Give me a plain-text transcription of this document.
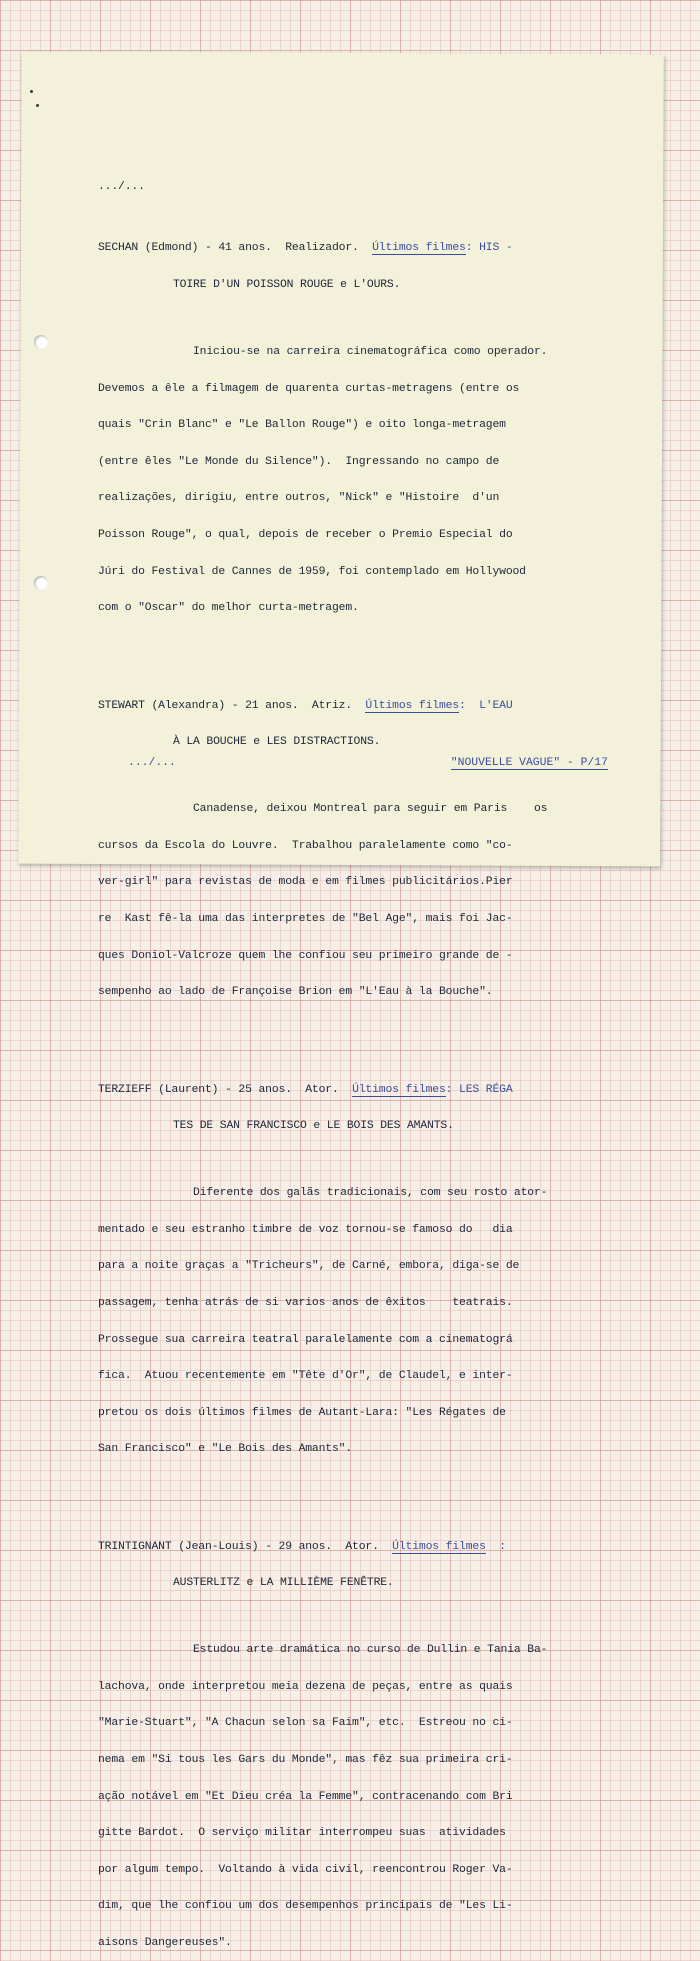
.../...

SECHAN (Edmond) - 41 anos.  Realizador.  Últimos filmes: HIS -

TOIRE D'UN POISSON ROUGE e L'OURS.

Iniciou-se na carreira cinematográfica como operador.

Devemos a êle a filmagem de quarenta curtas-metragens (entre os

quais "Crin Blanc" e "Le Ballon Rouge") e oito longa-metragem

(entre êles "Le Monde du Silence").  Ingressando no campo de

realizações, dirigiu, entre outros, "Nick" e "Histoire  d'un

Poisson Rouge", o qual, depois de receber o Premio Especial do

Júri do Festival de Cannes de 1959, foi contemplado em Hollywood

com o "Oscar" do melhor curta-metragem.

STEWART (Alexandra) - 21 anos.  Atriz.  Últimos filmes:  L'EAU

À LA BOUCHE e LES DISTRACTIONS.

Canadense, deixou Montreal para seguir em Paris    os

cursos da Escola do Louvre.  Trabalhou paralelamente como "co-

ver-girl" para revistas de moda e em filmes publicitários.Pier

re  Kast fê-la uma das interpretes de "Bel Age", mais foi Jac-

ques Doniol-Valcroze quem lhe confiou seu primeiro grande de -

sempenho ao lado de Françoise Brion em "L'Eau à la Bouche".

TERZIEFF (Laurent) - 25 anos.  Ator.  Últimos filmes: LES RÉGA

TES DE SAN FRANCISCO e LE BOIS DES AMANTS.

Diferente dos galãs tradicionais, com seu rosto ator-

mentado e seu estranho timbre de voz tornou-se famoso do   dia

para a noite graças a "Tricheurs", de Carné, embora, diga-se de

passagem, tenha atrás de si varios anos de êxitos    teatrais.

Prossegue sua carreira teatral paralelamente com a cinematográ

fica.  Atuou recentemente em "Tête d'Or", de Claudel, e inter-

pretou os dois últimos filmes de Autant-Lara: "Les Régates de

San Francisco" e "Le Bois des Amants".

TRINTIGNANT (Jean-Louis) - 29 anos.  Ator.  Últimos filmes  :

AUSTERLITZ e LA MILLIÈME FENÊTRE.

Estudou arte dramática no curso de Dullin e Tania Ba-

lachova, onde interpretou meia dezena de peças, entre as quais

"Marie-Stuart", "A Chacun selon sa Faim", etc.  Estreou no ci-

nema em "Si tous les Gars du Monde", mas fêz sua primeira cri-

ação notável em "Et Dieu créa la Femme", contracenando com Bri

gitte Bardot.  O serviço militar interrompeu suas  atividades

por algum tempo.  Voltando à vida civil, reencontrou Roger Va-

dim, que lhe confiou um dos desempenhos principais de "Les Li-

aisons Dangereuses".

.../...	"NOUVELLE VAGUE" - P/17
